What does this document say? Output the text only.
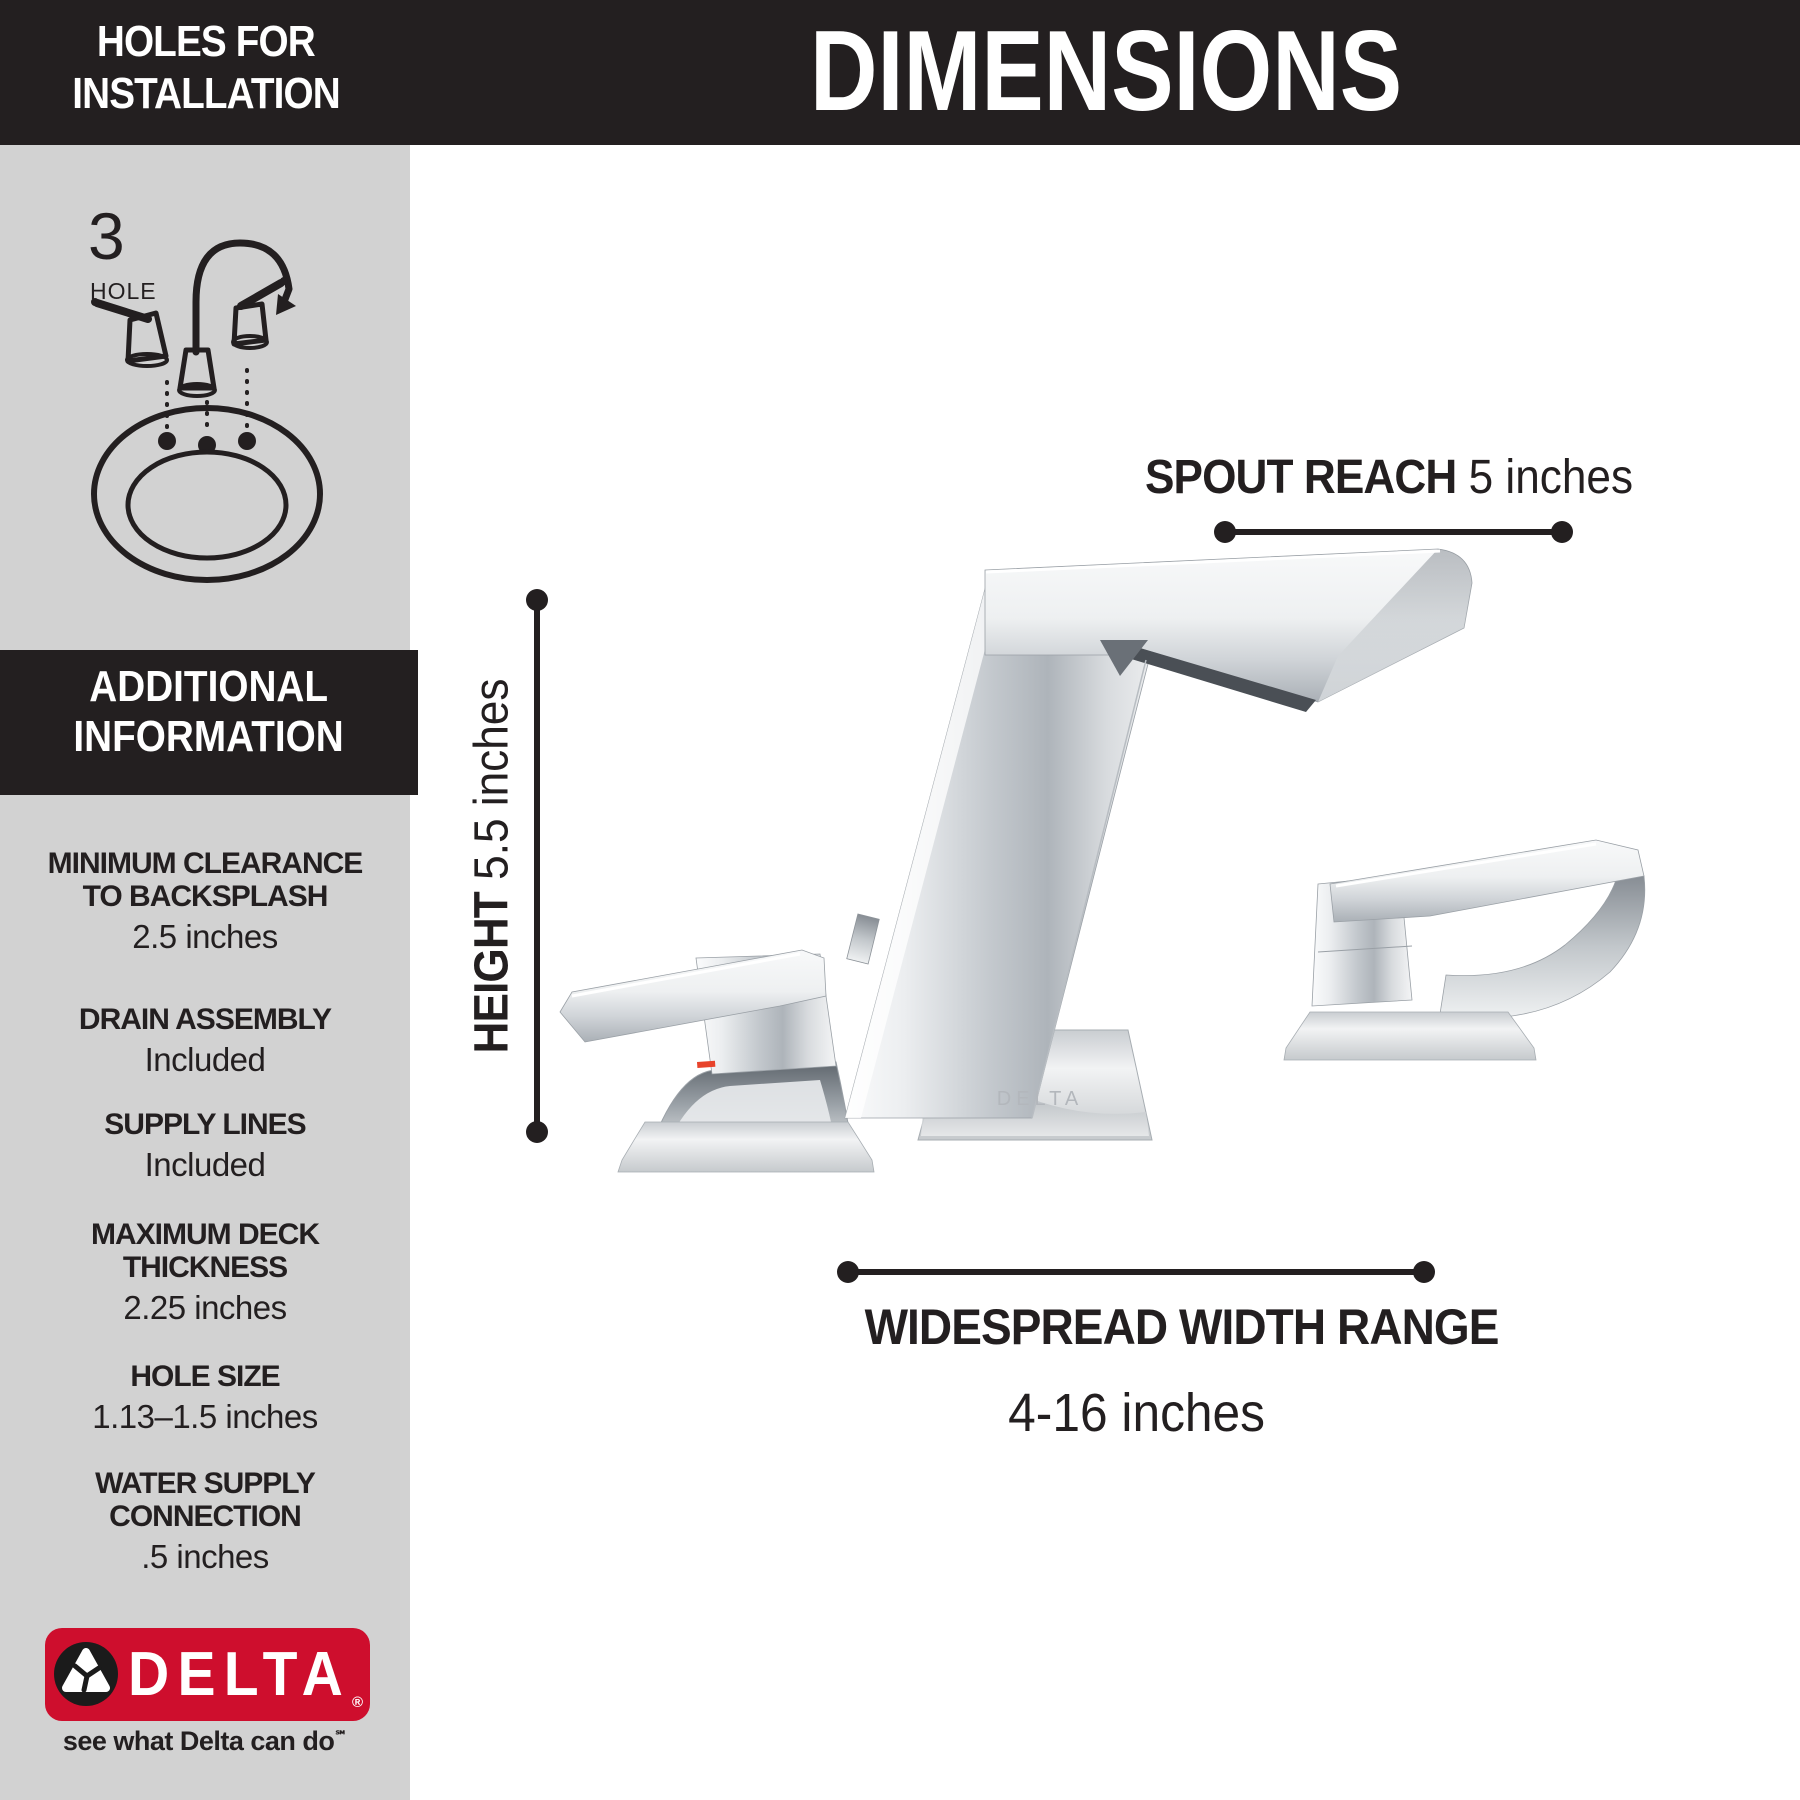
HOLES FOR
INSTALLATION	DIMENSIONS
3
HOLE
ADDITIONAL
INFORMATION
MINIMUM CLEARANCE TO BACKSPLASH
2.5 inches
DRAIN ASSEMBLY
Included
SUPPLY LINES
Included
MAXIMUM DECK THICKNESS
2.25 inches
HOLE SIZE
1.13–1.5 inches
WATER SUPPLY CONNECTION
.5 inches
DELTA ®
see what Delta can do℠
SPOUT REACH 5 inches
HEIGHT 5.5 inches
WIDESPREAD WIDTH RANGE
4-16 inches
DELTA
